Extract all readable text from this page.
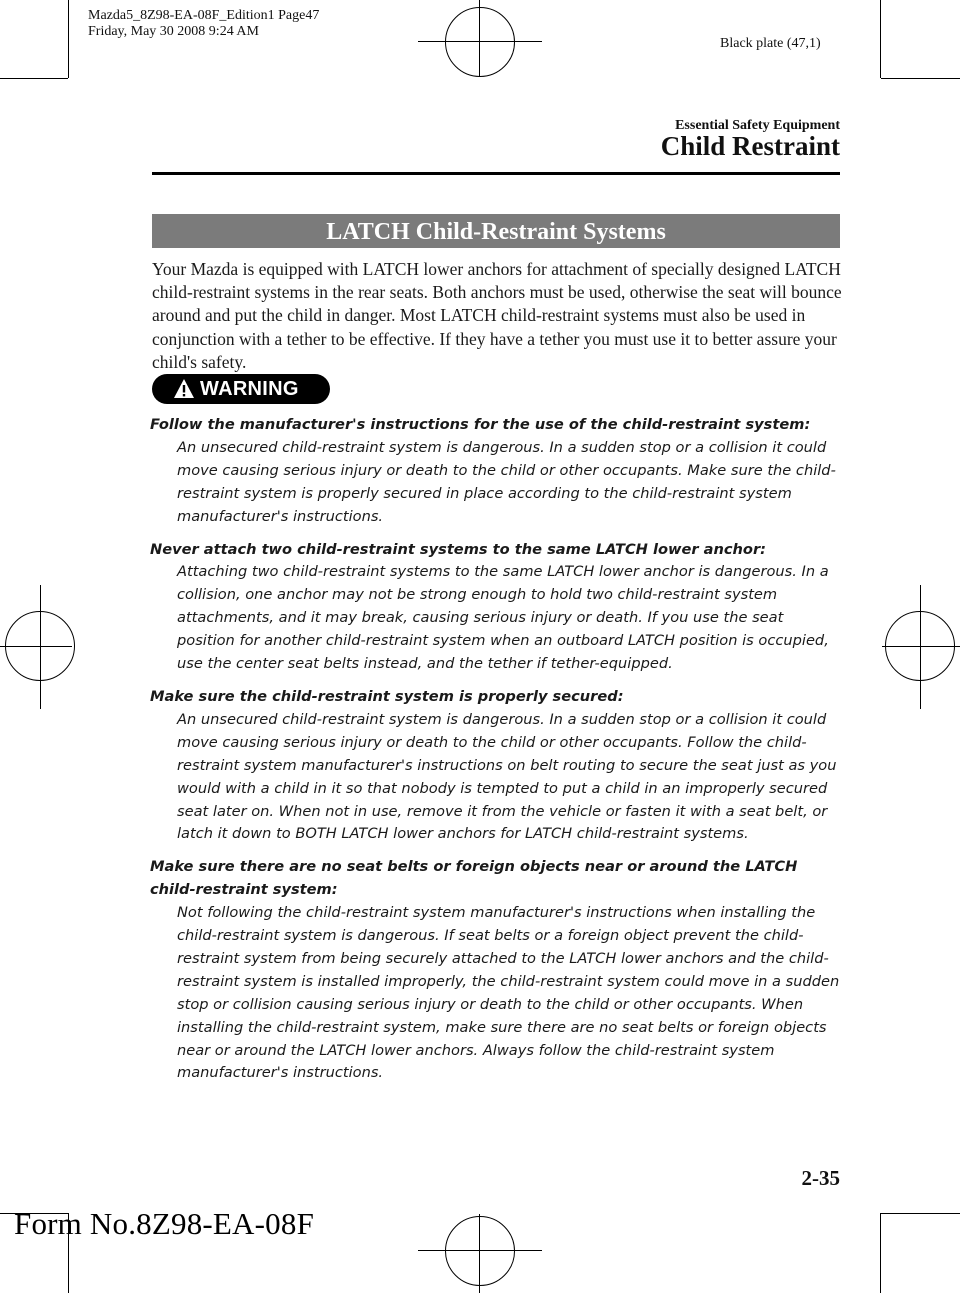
Mazda5_8Z98-EA-08F_Edition1 Page47
Friday, May 30 2008 9:24 AM
Black plate (47,1)
Essential Safety Equipment
Child Restraint
LATCH Child-Restraint Systems
Your Mazda is equipped with LATCH lower anchors for attachment of specially designed LATCH child-restraint systems in the rear seats. Both anchors must be used, otherwise the seat will bounce around and put the child in danger. Most LATCH child-restraint systems must also be used in conjunction with a tether to be effective. If they have a tether you must use it to better assure your child's safety.
WARNING
Follow the manufacturer's instructions for the use of the child-restraint system:

An unsecured child-restraint system is dangerous. In a sudden stop or a collision it could move causing serious injury or death to the child or other occupants. Make sure the child-restraint system is properly secured in place according to the child-restraint system manufacturer's instructions.

Never attach two child-restraint systems to the same LATCH lower anchor:

Attaching two child-restraint systems to the same LATCH lower anchor is dangerous. In a collision, one anchor may not be strong enough to hold two child-restraint system attachments, and it may break, causing serious injury or death. If you use the seat position for another child-restraint system when an outboard LATCH position is occupied, use the center seat belts instead, and the tether if tether-equipped.

Make sure the child-restraint system is properly secured:

An unsecured child-restraint system is dangerous. In a sudden stop or a collision it could move causing serious injury or death to the child or other occupants. Follow the child-restraint system manufacturer's instructions on belt routing to secure the seat just as you would with a child in it so that nobody is tempted to put a child in an improperly secured seat later on. When not in use, remove it from the vehicle or fasten it with a seat belt, or latch it down to BOTH LATCH lower anchors for LATCH child-restraint systems.

Make sure there are no seat belts or foreign objects near or around the LATCH child-restraint system:

Not following the child-restraint system manufacturer's instructions when installing the child-restraint system is dangerous. If seat belts or a foreign object prevent the child-restraint system from being securely attached to the LATCH lower anchors and the child-restraint system is installed improperly, the child-restraint system could move in a sudden stop or collision causing serious injury or death to the child or other occupants. When installing the child-restraint system, make sure there are no seat belts or foreign objects near or around the LATCH lower anchors. Always follow the child-restraint system manufacturer's instructions.

2-35
Form No.8Z98-EA-08F
